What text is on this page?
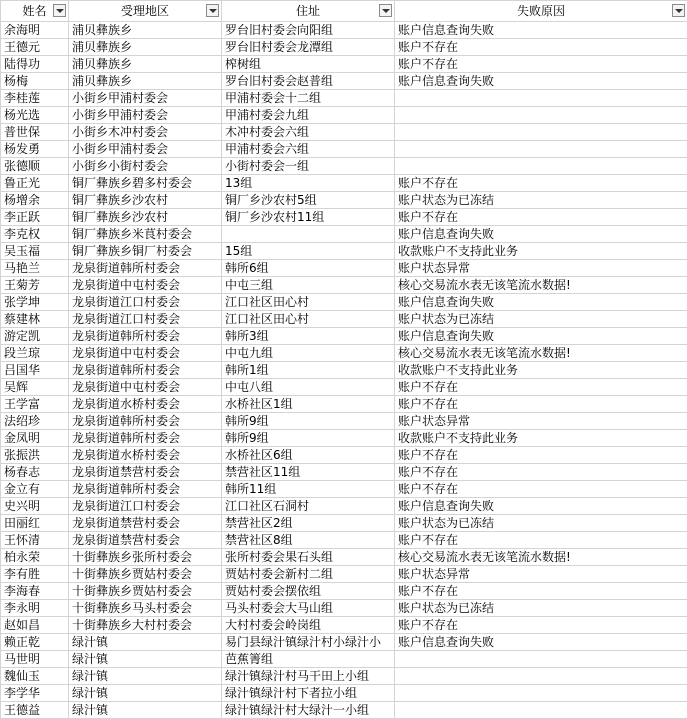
姓名	受理地区	住址	失败原因

余海明	浦贝彝族乡	罗台旧村委会向阳组	账户信息查询失败
王德元	浦贝彝族乡	罗台旧村委会龙潭组	账户不存在
陆得功	浦贝彝族乡	榨树组	账户不存在
杨梅	浦贝彝族乡	罗台旧村委会赵普组	账户信息查询失败
李桂莲	小街乡甲浦村委会	甲浦村委会十二组	
杨光选	小街乡甲浦村委会	甲浦村委会九组	
普世保	小街乡木冲村委会	木冲村委会六组	
杨发勇	小街乡甲浦村委会	甲浦村委会六组	
张德顺	小街乡小街村委会	小街村委会一组	
鲁正光	铜厂彝族乡碧多村委会	13组	账户不存在
杨增余	铜厂彝族乡沙农村	铜厂乡沙农村5组	账户状态为已冻结
李正跃	铜厂彝族乡沙农村	铜厂乡沙农村11组	账户不存在
李克权	铜厂彝族乡米茛村委会		账户信息查询失败
吴玉福	铜厂彝族乡铜厂村委会	15组	收款账户不支持此业务
马艳兰	龙泉街道韩所村委会	韩所6组	账户状态异常
王菊芳	龙泉街道中屯村委会	中屯三组	核心交易流水表无该笔流水数据!
张学坤	龙泉街道江口村委会	江口社区田心村	账户信息查询失败
蔡建林	龙泉街道江口村委会	江口社区田心村	账户状态为已冻结
游定凯	龙泉街道韩所村委会	韩所3组	账户信息查询失败
段兰琼	龙泉街道中屯村委会	中屯九组	核心交易流水表无该笔流水数据!
吕国华	龙泉街道韩所村委会	韩所1组	收款账户不支持此业务
吴辉	龙泉街道中屯村委会	中屯八组	账户不存在
王学富	龙泉街道水桥村委会	水桥社区1组	账户不存在
法绍珍	龙泉街道韩所村委会	韩所9组	账户状态异常
金凤明	龙泉街道韩所村委会	韩所9组	收款账户不支持此业务
张振洪	龙泉街道水桥村委会	水桥社区6组	账户不存在
杨春志	龙泉街道禁营村委会	禁营社区11组	账户不存在
金立有	龙泉街道韩所村委会	韩所11组	账户不存在
史兴明	龙泉街道江口村委会	江口社区石洞村	账户信息查询失败
田丽红	龙泉街道禁营村委会	禁营社区2组	账户状态为已冻结
王怀清	龙泉街道禁营村委会	禁营社区8组	账户不存在
柏永荣	十街彝族乡张所村委会	张所村委会果石头组	核心交易流水表无该笔流水数据!
李有胜	十街彝族乡贾姑村委会	贾姑村委会新村二组	账户状态异常
李海春	十街彝族乡贾姑村委会	贾姑村委会摆依组	账户不存在
李永明	十街彝族乡马头村委会	马头村委会大马山组	账户状态为已冻结
赵如昌	十街彝族乡大村村委会	大村村委会岭岗组	账户不存在
赖正乾	绿汁镇	易门县绿汁镇绿汁村小绿汁小	账户信息查询失败
马世明	绿汁镇	芭蕉箐组	
魏仙玉	绿汁镇	绿汁镇绿汁村马干田上小组	
李学华	绿汁镇	绿汁镇绿汁村下者拉小组	
王德益	绿汁镇	绿汁镇绿汁村大绿汁一小组	
